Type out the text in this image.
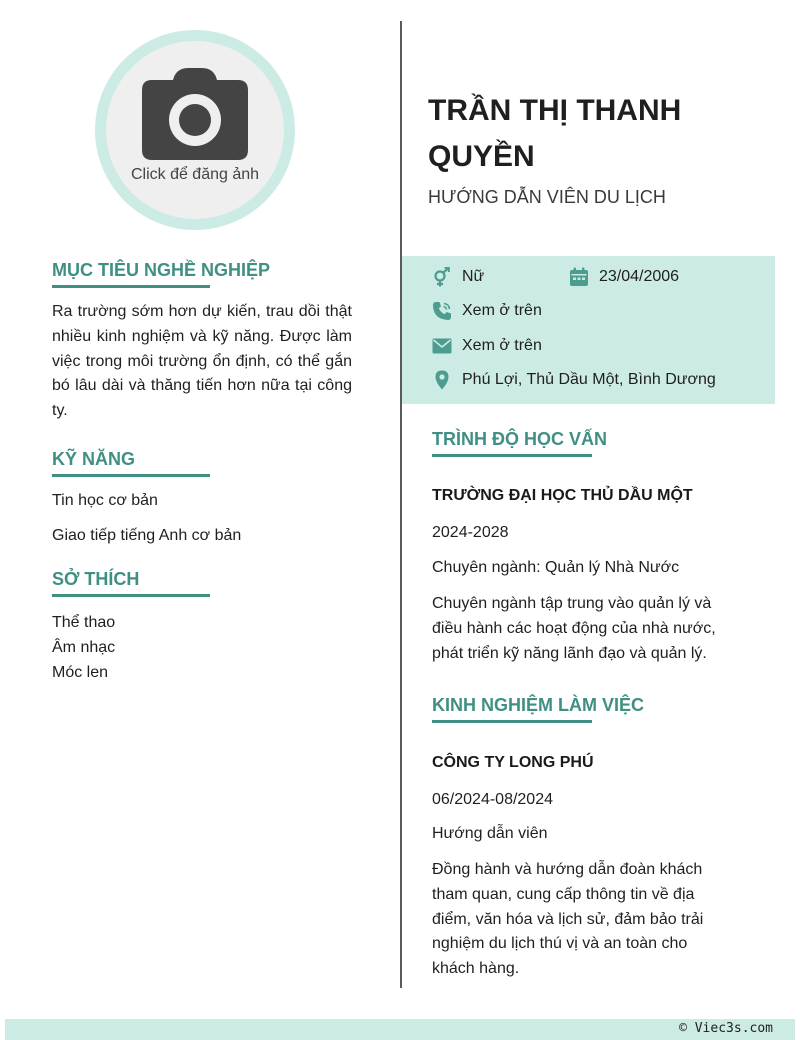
Click để đăng ảnh
MỤC TIÊU NGHỀ NGHIỆP
Ra trường sớm hơn dự kiến, trau dồi thật nhiều kinh nghiệm và kỹ năng. Được làm việc trong môi trường ổn định, có thể gắn bó lâu dài và thăng tiến hơn nữa tại công ty.
KỸ NĂNG
Tin học cơ bản
Giao tiếp tiếng Anh cơ bản
SỞ THÍCH
Thể thao
Âm nhạc
Móc len
TRẦN THỊ THANH
QUYỀN
HƯỚNG DẪN VIÊN DU LỊCH
Nữ	23/04/2006
Xem ở trên
Xem ở trên
Phú Lợi, Thủ Dầu Một, Bình Dương
TRÌNH ĐỘ HỌC VẤN
TRƯỜNG ĐẠI HỌC THỦ DẦU MỘT
2024-2028
Chuyên ngành: Quản lý Nhà Nước
Chuyên ngành tập trung vào quản lý và điều hành các hoạt động của nhà nước, phát triển kỹ năng lãnh đạo và quản lý.
KINH NGHIỆM LÀM VIỆC
CÔNG TY LONG PHÚ
06/2024-08/2024
Hướng dẫn viên
Đồng hành và hướng dẫn đoàn khách tham quan, cung cấp thông tin về địa điểm, văn hóa và lịch sử, đảm bảo trải nghiệm du lịch thú vị và an toàn cho khách hàng.
© Viec3s.com
